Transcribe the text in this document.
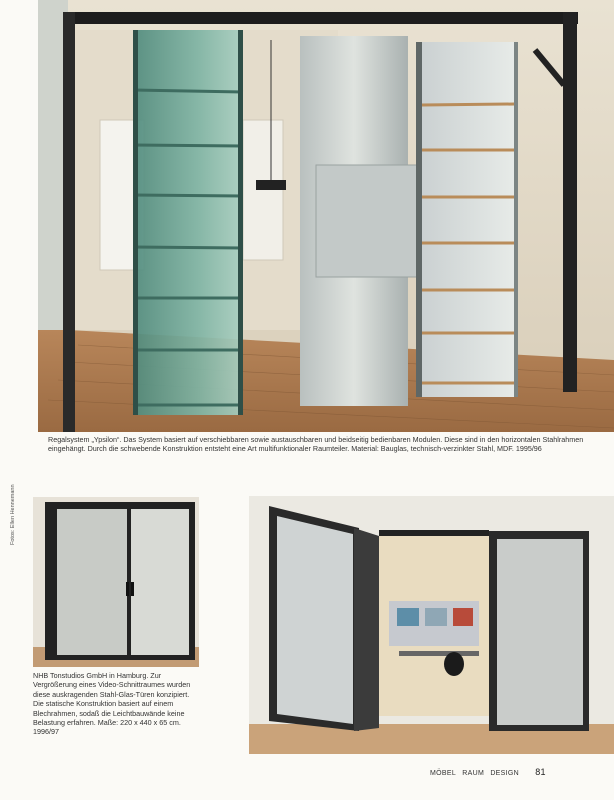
Regalsystem „Ypsilon“. Das System basiert auf verschiebbaren sowie austauschbaren und beidseitig bedienbaren Modulen. Diese sind in den horizontalen Stahlrahmen eingehängt. Durch die schwebende Konstruktion entsteht eine Art multifunktionaler Raumteiler. Material: Bauglas, technisch-verzinkter Stahl, MDF. 1995/96
Fotos: Ellen Hennemann
NHB Tonstudios GmbH in Hamburg. Zur Vergrößerung eines Video-Schnittraumes wurden diese auskragenden Stahl-Glas-Türen konzipiert. Die statische Konstruktion basiert auf einem Blechrahmen, sodaß die Leichtbauwände keine Belastung erfahren. Maße: 220 x 440 x 65 cm. 1996/97
MÖBEL RAUM DESIGN 81
